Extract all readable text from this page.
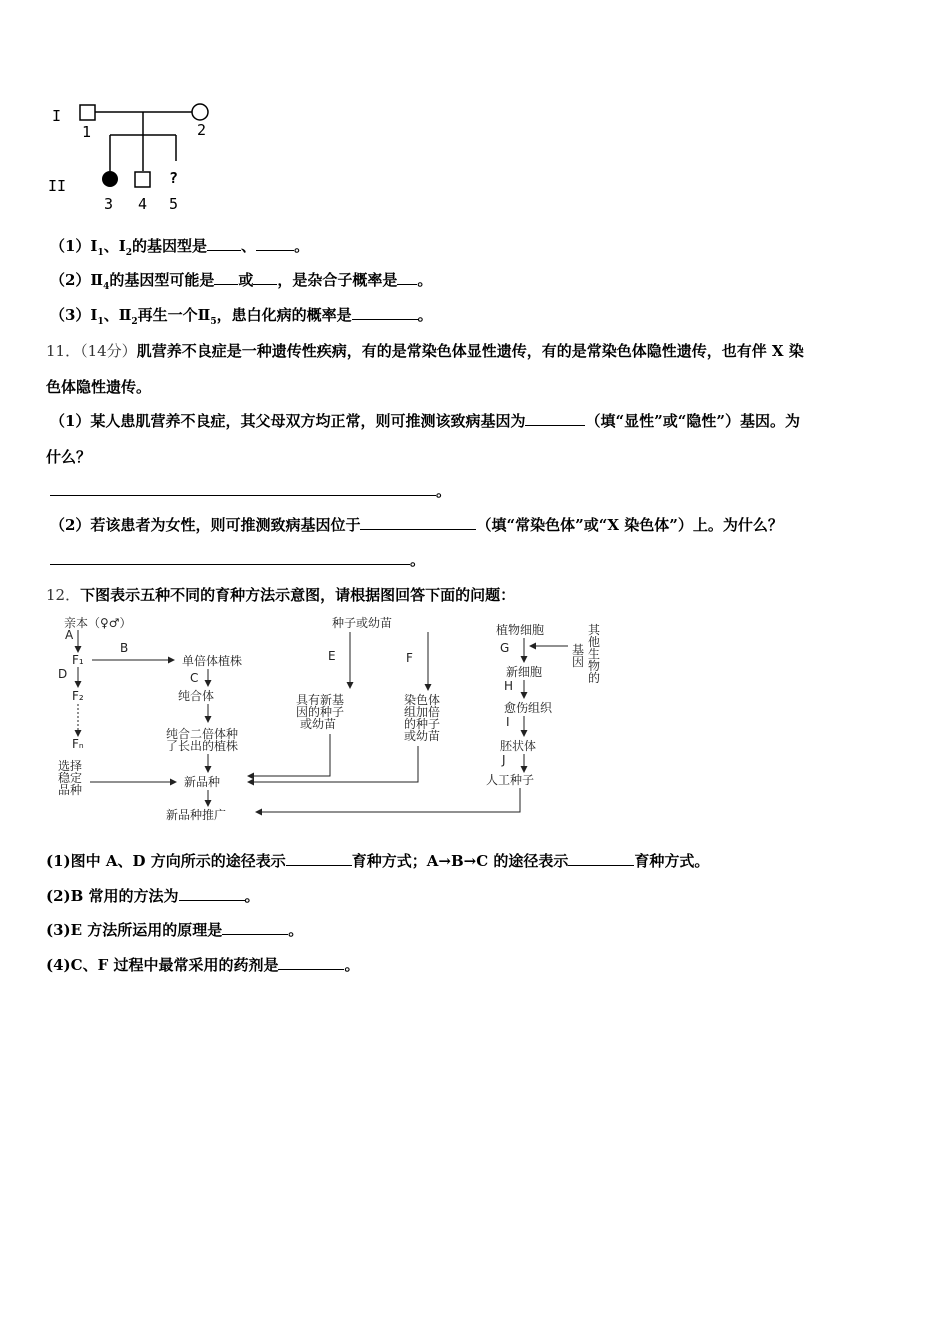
I
II	?
1	2
3 4 5
$(1)Ⅰ_1$、$Ⅰ_2$的基因型是 、	。
$(2)Ⅱ_4$的基因型可能是 或 ，是杂合子概率是 。
$(3)Ⅰ_1$、$Ⅱ_2$再生一个$Ⅱ_5$，患白化病的概率是	。
11．（14分）肌营养不良症是一种遗传性疾病，有的是常染色体显性遗传，有的是常染色体隐性遗传，也有伴 X 染
色体隐性遗传。
（1）某人患肌营养不良症，其父母双方均正常，则可推测该致病基因为	（填“显性”或“隐性”）基因。为
什么？
。
（2）若该患者为女性，则可推测致病基因位于	（填“常染色体”或“X 染色体”）上。为什么？
。
12．下图表示五种不同的育种方法示意图，请根据图回答下面的问题：
亲本（♀♂）
A
F₁
D
F₂
Fₙ
选择
稳定
品种
B
单倍体植株
C
纯合体
纯合二倍体种
了长出的植株
新品种
新品种推广
种子或幼苗
E
具有新基
因的种子
或幼苗
F
染色体
组加倍
的种子
或幼苗
植物细胞	其
他
生
物
的
基
因
G
新细胞
H
愈伤组织
I
胚状体
J
人工种子
(1)图中 A、D 方向所示的途径表示	育种方式；A→B→C 的途径表示	育种方式。
(2)B 常用的方法为	。
(3)E 方法所运用的原理是	。
(4)C、F 过程中最常采用的药剂是	。
